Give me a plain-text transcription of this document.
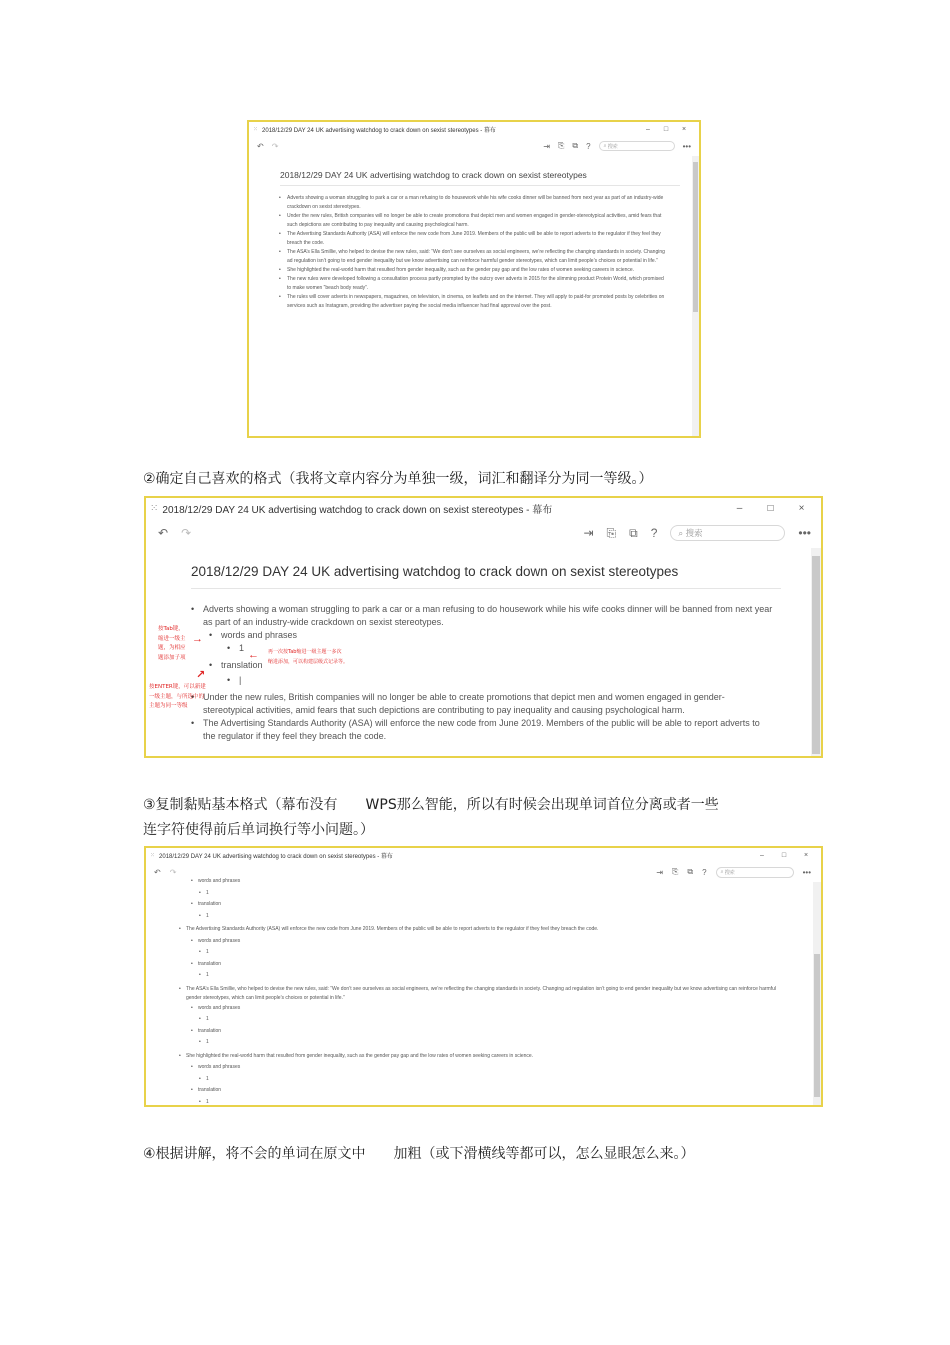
⁙ 2018/12/29 DAY 24 UK advertising watchdog to crack down on sexist stereotypes - 幕布	–	□	×
↶ ↷	⇥ ⎘ ⧉ ?	⌕
搜索	•••
2018/12/29 DAY 24 UK advertising watchdog to crack down on sexist stereotypes
• Adverts showing a woman struggling to park a car or a man refusing to do housework while his wife cooks dinner will be banned from next year as part of an industry-wide crackdown on sexist stereotypes.
• Under the new rules, British companies will no longer be able to create promotions that depict men and women engaged in gender-stereotypical activities, amid fears that such depictions are contributing to pay inequality and causing psychological harm.
• The Advertising Standards Authority (ASA) will enforce the new code from June 2019. Members of the public will be able to report adverts to the regulator if they feel they breach the code.
• The ASA’s Ella Smillie, who helped to devise the new rules, said: “We don’t see ourselves as social engineers, we’re reflecting the changing standards in society. Changing ad regulation isn’t going to end gender inequality but we know advertising can reinforce harmful gender stereotypes, which can limit people’s choices or potential in life.”
• She highlighted the real-world harm that resulted from gender inequality, such as the gender pay gap and the low rates of women seeking careers in science.
• The new rules were developed following a consultation process partly prompted by the outcry over adverts in 2015 for the slimming product Protein World, which promised to make women “beach body ready”.
• The rules will cover adverts in newspapers, magazines, on television, in cinema, on leaflets and on the internet. They will apply to paid-for promoted posts by celebrities on services such as Instagram, providing the advertiser paying the social media influencer had final approval over the post.
②确定自己喜欢的格式（我将文章内容分为单独一级，词汇和翻译分为同一等级。）
⁙ 2018/12/29 DAY 24 UK advertising watchdog to crack down on sexist stereotypes - 幕布	–	□	×
↶ ↷	⇥ ⎘ ⧉ ? ⌕
搜索	•••
2018/12/29 DAY 24 UK advertising watchdog to crack down on sexist stereotypes
• Adverts showing a woman struggling to park a car or a man refusing to do housework while his wife cooks dinner will be banned from next year as part of an industry-wide crackdown on sexist stereotypes.
• words and phrases
• 1
• translation
• |
• Under the new rules, British companies will no longer be able to create promotions that depict men and women engaged in gender-stereotypical activities, amid fears that such depictions are contributing to pay inequality and causing psychological harm.
• The Advertising Standards Authority (ASA) will enforce the new code from June 2019. Members of the public will be able to report adverts to the regulator if they feel they breach the code.
按Tab键，
缩进一级主
题，为相应
题添加子项
→
← 再一次按Tab缩进一级主题一多次
缩进添加，可以构建层级式记录等。
↗
按ENTER键，可以新建
一级主题，与所选中的
主题为同一等级
③复制黏贴基本格式（幕布没有　　WPS那么智能，所以有时候会出现单词首位分离或者一些
连字符使得前后单词换行等小问题。）
⁙ 2018/12/29 DAY 24 UK advertising watchdog to crack down on sexist stereotypes - 幕布	–	□	×
↶ ↷	⇥ ⎘ ⧉ ?	⌕
搜索	•••
• words and phrases
• 1
• translation
• 1
• The Advertising Standards Authority (ASA) will enforce the new code from June 2019. Members of the public will be able to report adverts to the regulator if they feel they breach the code.
• words and phrases
• 1
• translation
• 1
• The ASA’s Ella Smillie, who helped to devise the new rules, said: “We don’t see ourselves as social engineers, we’re reflecting the changing standards in society. Changing ad regulation isn’t going to end gender inequality but we know advertising can reinforce harmful gender stereotypes, which can limit people’s choices or potential in life.”
• words and phrases
• 1
• translation
• 1
• She highlighted the real-world harm that resulted from gender inequality, such as the gender pay gap and the low rates of women seeking careers in science.
• words and phrases
• 1
• translation
• 1
④根据讲解，将不会的单词在原文中　　加粗（或下滑横线等都可以，怎么显眼怎么来。）
